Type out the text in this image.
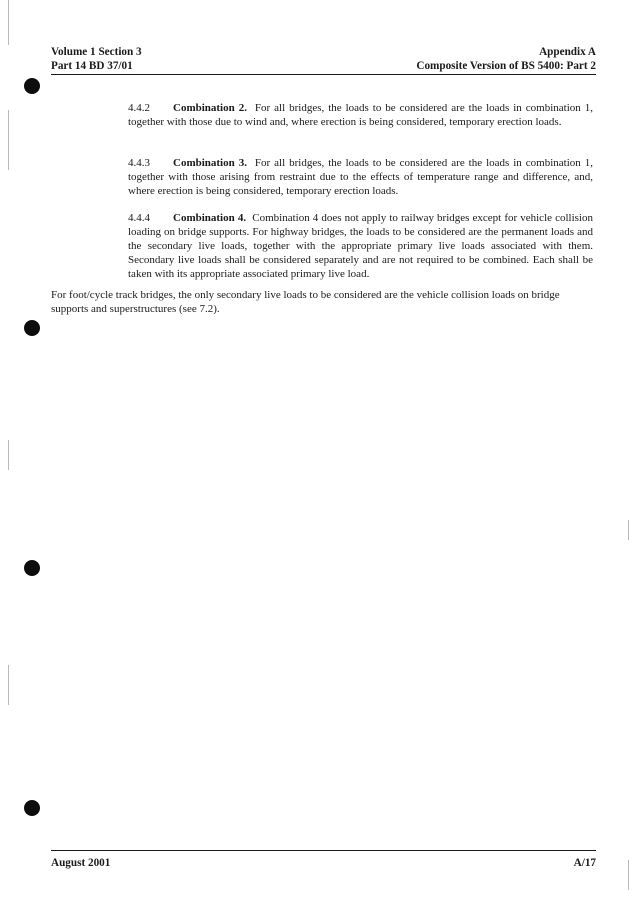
Volume 1 Section 3	Appendix A
Part 14 BD 37/01	Composite Version of BS 5400: Part 2
4.4.2 Combination 2. For all bridges, the loads to be considered are the loads in combination 1, together with those due to wind and, where erection is being considered, temporary erection loads.
4.4.3 Combination 3. For all bridges, the loads to be considered are the loads in combination 1, together with those arising from restraint due to the effects of temperature range and difference, and, where erection is being considered, temporary erection loads.
4.4.4 Combination 4. Combination 4 does not apply to railway bridges except for vehicle collision loading on bridge supports. For highway bridges, the loads to be considered are the permanent loads and the secondary live loads, together with the appropriate primary live loads associated with them. Secondary live loads shall be considered separately and are not required to be combined. Each shall be taken with its appropriate associated primary live load.
For foot/cycle track bridges, the only secondary live loads to be considered are the vehicle collision loads on bridge supports and superstructures (see 7.2).
August 2001	A/17
